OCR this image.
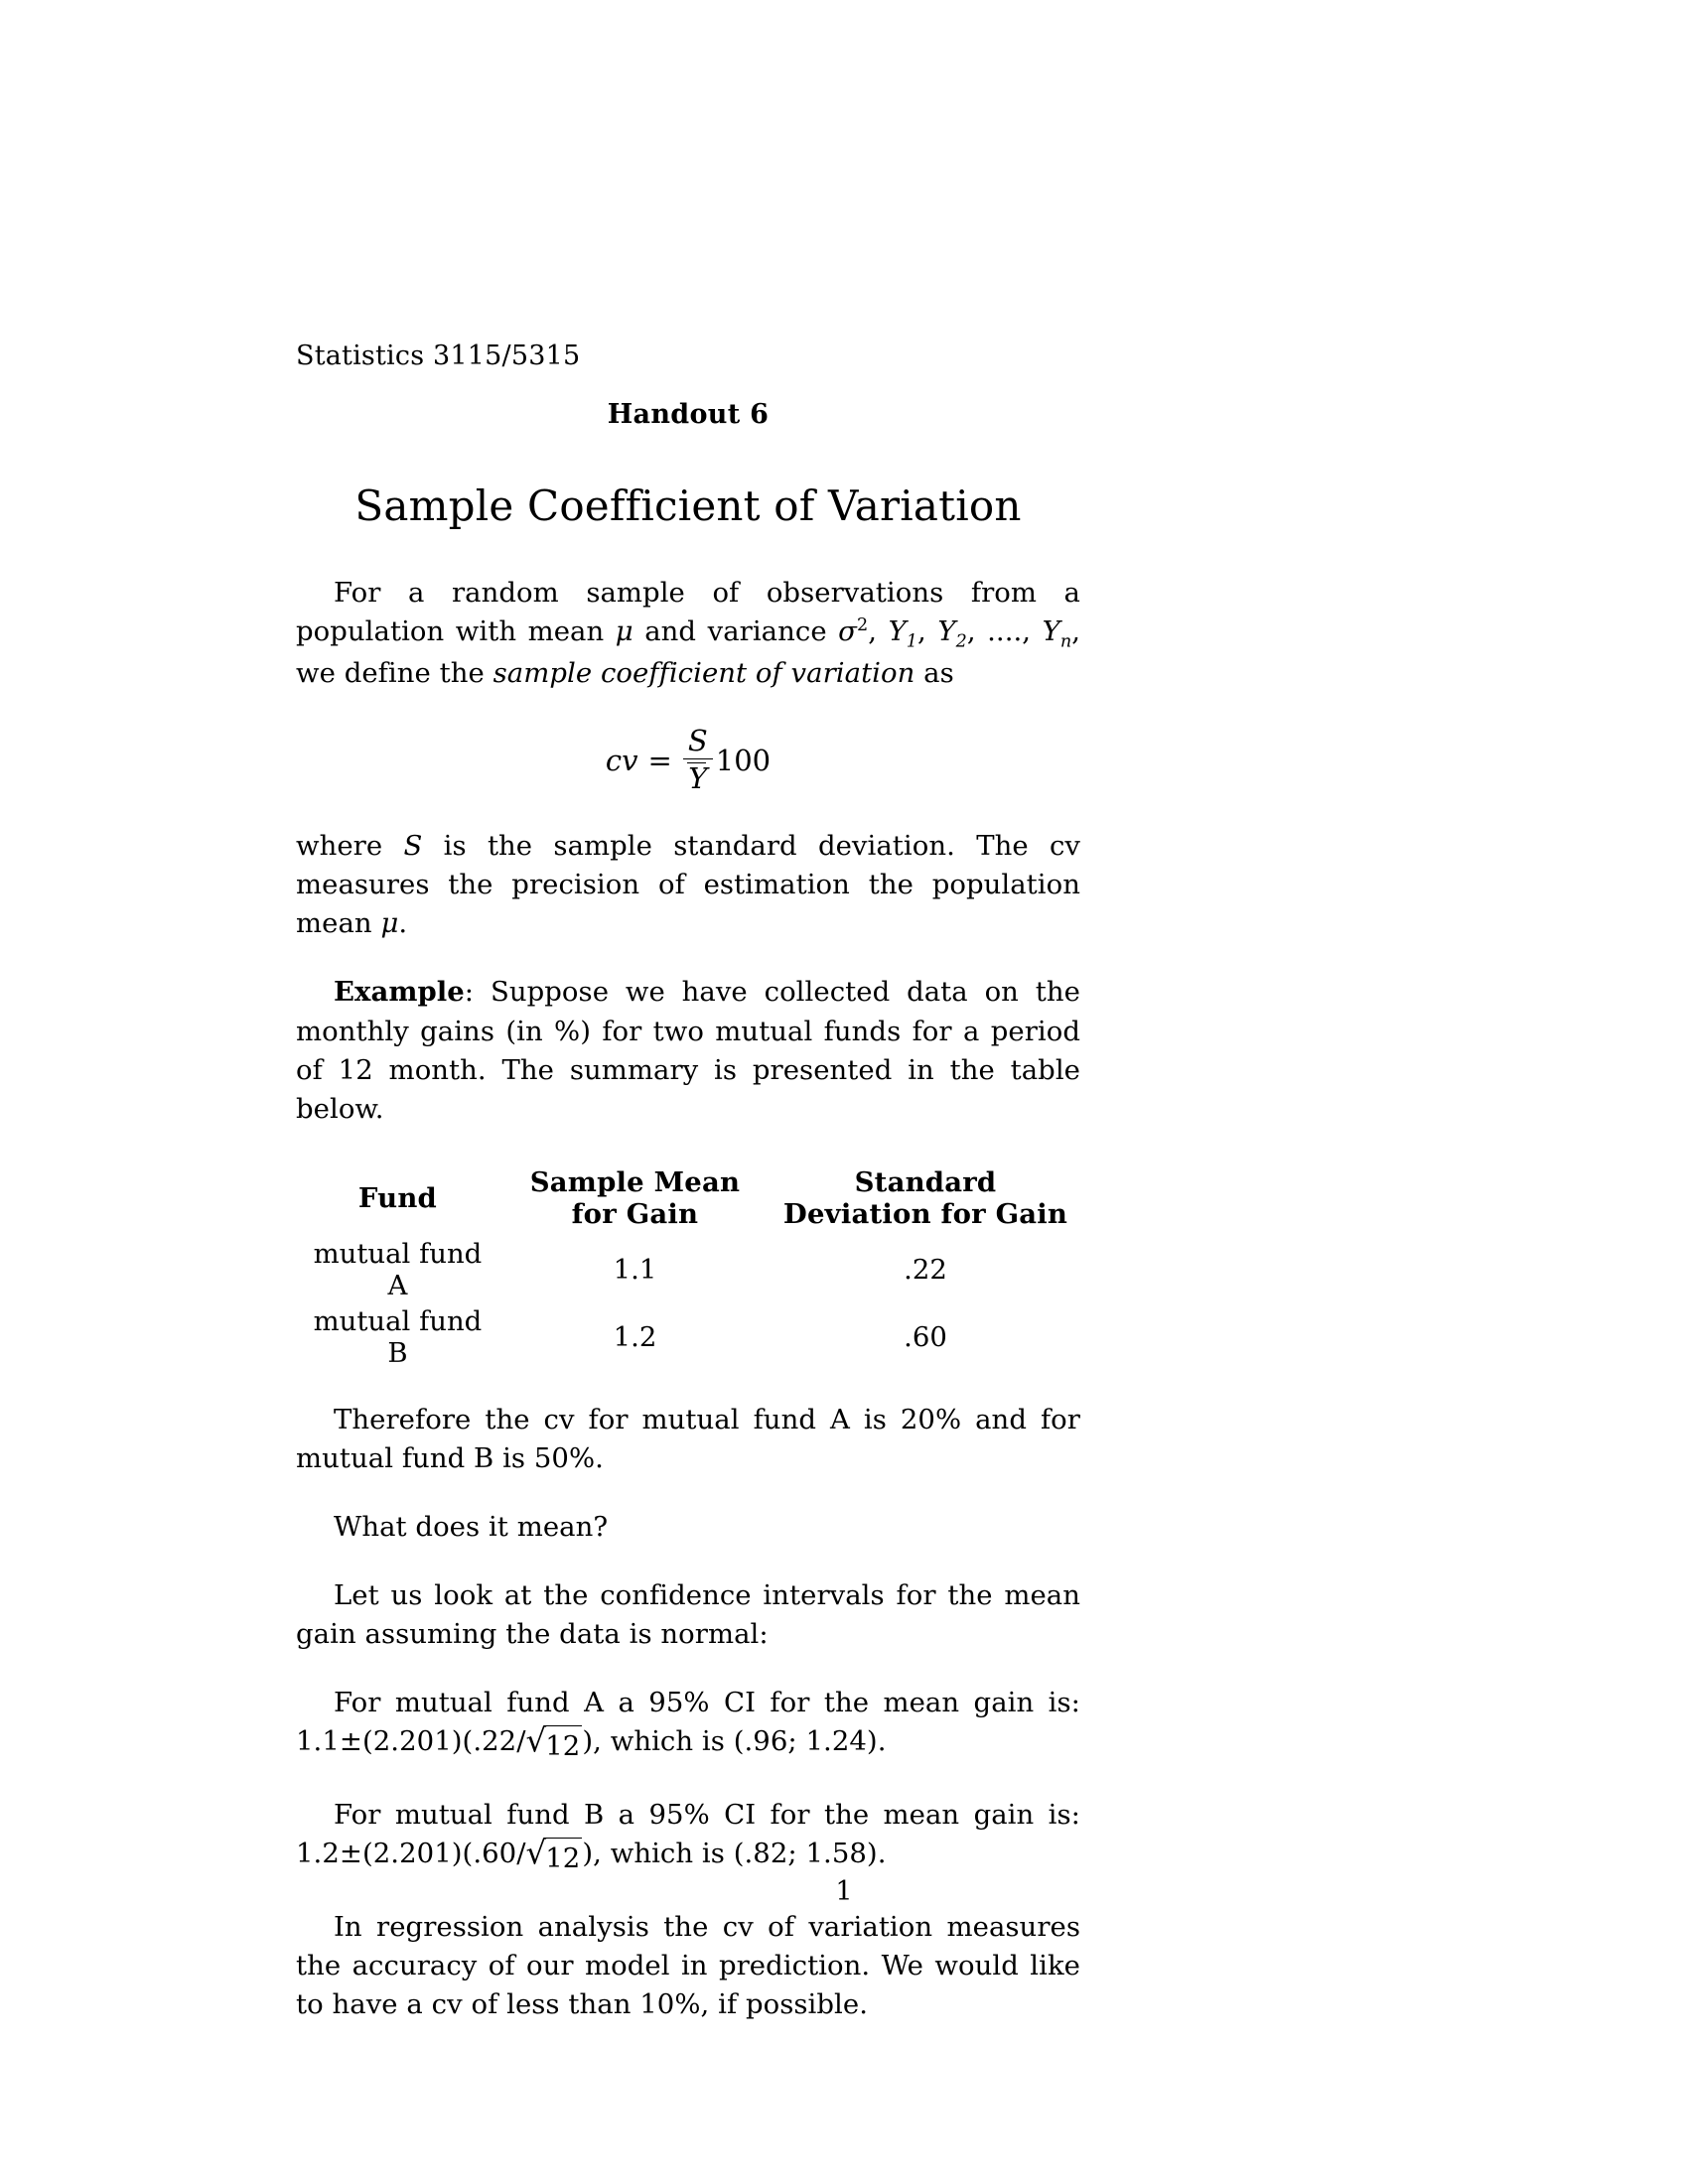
Statistics 3115/5315
Handout 6
Sample Coefficient of Variation

For a random sample of observations from a population with mean μ and variance $\sigma^2$, $Y_1$, $Y_2$, ...., $Y_n$, we define the sample coefficient of variation as

cv = $\frac{S}{Y} 100$

where S is the sample standard deviation. The cv measures the precision of estimation the population mean μ.

Example: Suppose we have collected data on the monthly gains (in %) for two mutual funds for a period of 12 month. The summary is presented in the table below.

Fund	Sample Mean for Gain	Standard Deviation for Gain
mutual fund A	1.1	.22
mutual fund B	1.2	.60

Therefore the cv for mutual fund A is 20% and for mutual fund B is 50%.

What does it mean?

Let us look at the confidence intervals for the mean gain assuming the data is normal:

For mutual fund A a 95% CI for the mean gain is: 1.1±(2.201)(.22/ √ 12 ), which is (.96; 1.24).

For mutual fund B a 95% CI for the mean gain is: 1.2±(2.201)(.60/ √ 12 ), which is (.82; 1.58).

In regression analysis the cv of variation measures the accuracy of our model in prediction. We would like to have a cv of less than 10%, if possible.

1
